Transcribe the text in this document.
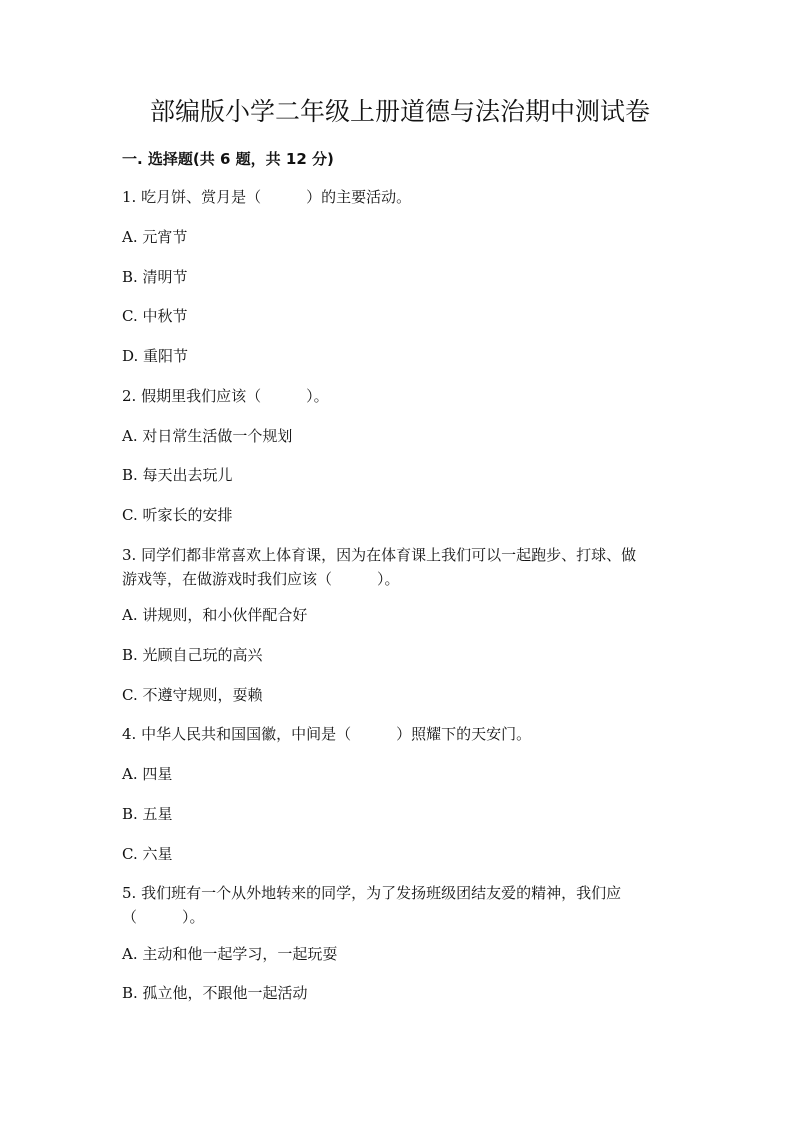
部编版小学二年级上册道德与法治期中测试卷
一. 选择题(共 6 题，共 12 分)
1. 吃月饼、赏月是（　　　）的主要活动。
A. 元宵节
B. 清明节
C. 中秋节
D. 重阳节
2. 假期里我们应该（　　　）。
A. 对日常生活做一个规划
B. 每天出去玩儿
C. 听家长的安排
3. 同学们都非常喜欢上体育课，因为在体育课上我们可以一起跑步、打球、做
游戏等，在做游戏时我们应该（　　　）。
A. 讲规则，和小伙伴配合好
B. 光顾自己玩的高兴
C. 不遵守规则，耍赖
4. 中华人民共和国国徽，中间是（　　　）照耀下的天安门。
A. 四星
B. 五星
C. 六星
5. 我们班有一个从外地转来的同学，为了发扬班级团结友爱的精神，我们应
（　　　）。
A. 主动和他一起学习，一起玩耍
B. 孤立他，不跟他一起活动
